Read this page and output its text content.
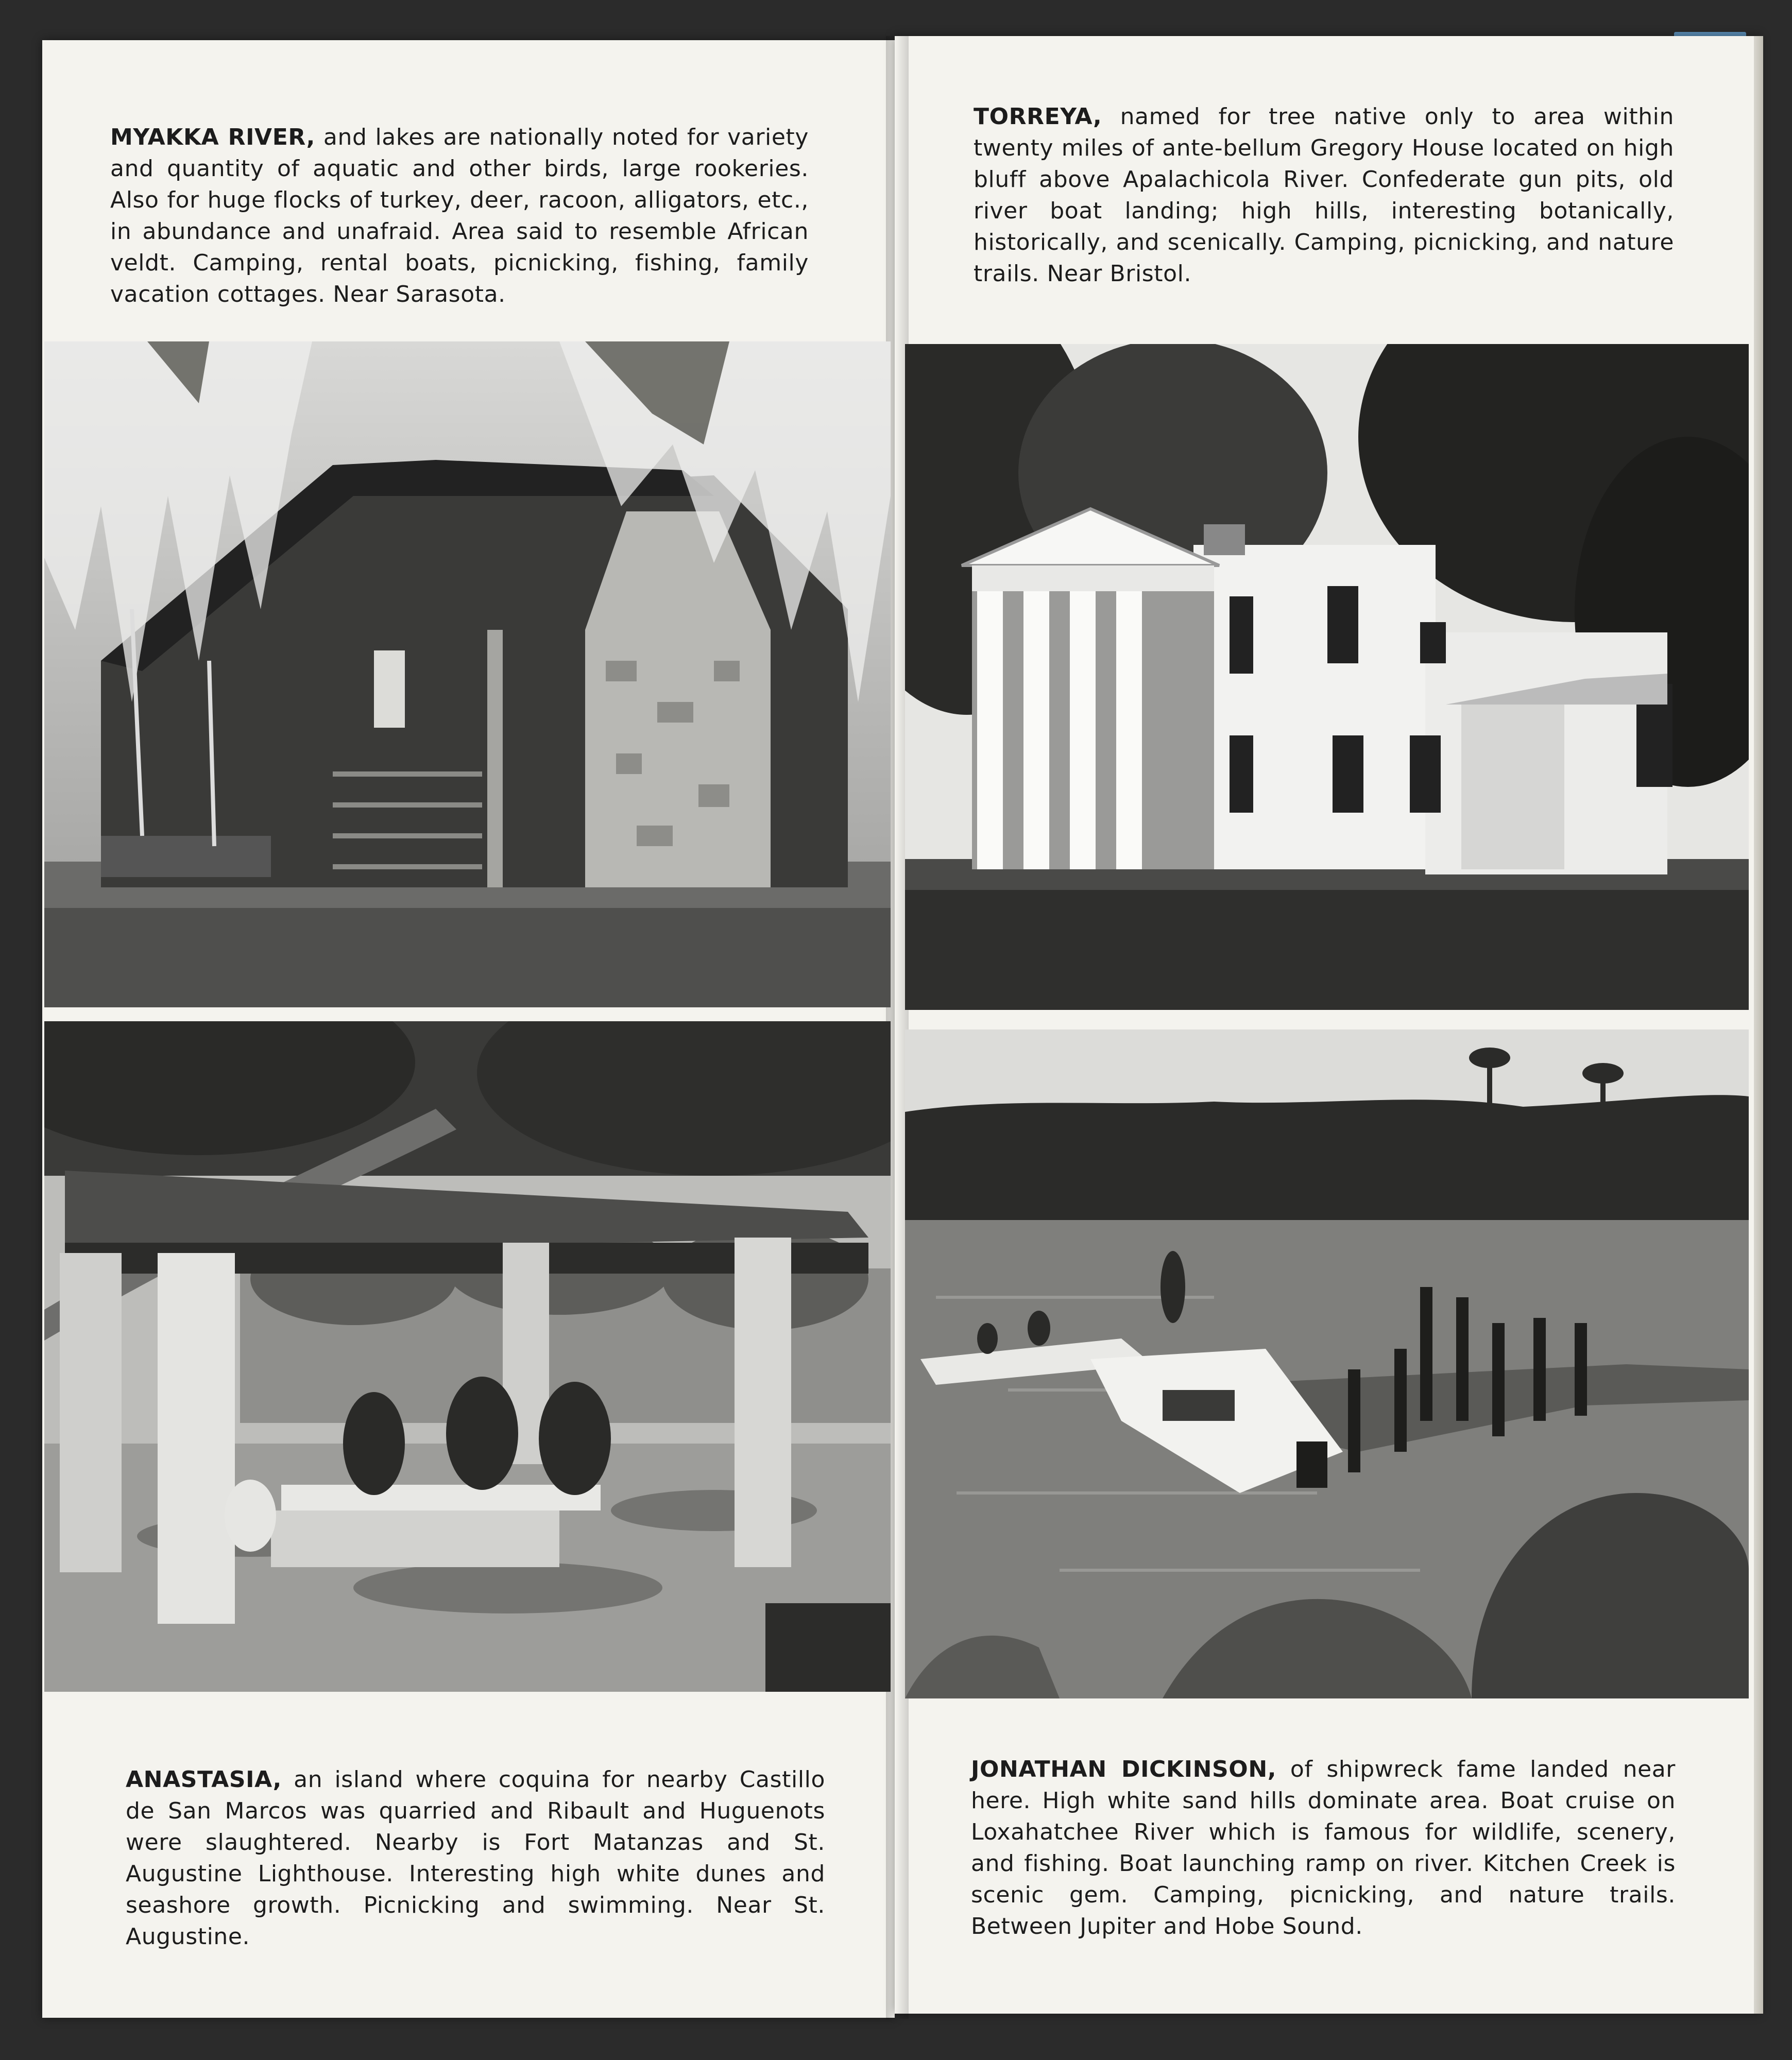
MYAKKA RIVER, and lakes are nationally noted for variety and quantity of aquatic and other birds, large rookeries. Also for huge flocks of turkey, deer, racoon, alligators, etc., in abundance and unafraid. Area said to resemble African veldt. Camping, rental boats, picnicking, fishing, family vacation cottages. Near Sarasota.

TORREYA, named for tree native only to area within twenty miles of ante-bellum Gregory House located on high bluff above Apalachicola River. Confederate gun pits, old river boat landing; high hills, interesting botanically, historically, and scenically. Camping, picnicking, and nature trails. Near Bristol.

ANASTASIA, an island where coquina for nearby Castillo de San Marcos was quarried and Ribault and Huguenots were slaughtered. Nearby is Fort Matanzas and St. Augustine Lighthouse. Interesting high white dunes and seashore growth. Picnicking and swimming. Near St. Augustine.

JONATHAN DICKINSON, of shipwreck fame landed near here. High white sand hills dominate area. Boat cruise on Loxahatchee River which is famous for wildlife, scenery, and fishing. Boat launching ramp on river. Kitchen Creek is scenic gem. Camping, picnicking, and nature trails. Between Jupiter and Hobe Sound.
